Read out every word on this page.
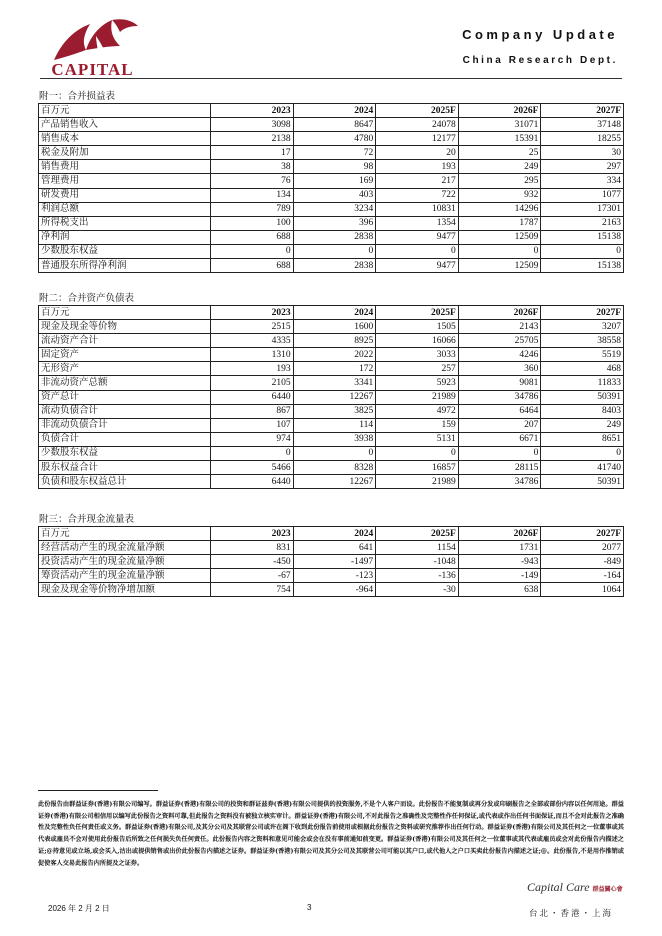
CAPITAL
Company Update
China Research Dept.
附一：合并损益表
百万元	2023	2024	2025F	2026F	2027F
产品销售收入	3098	8647	24078	31071	37148
销售成本	2138	4780	12177	15391	18255
税金及附加	17	72	20	25	30
销售费用	38	98	193	249	297
管理费用	76	169	217	295	334
研发费用	134	403	722	932	1077
利润总额	789	3234	10831	14296	17301
所得税支出	100	396	1354	1787	2163
净利润	688	2838	9477	12509	15138
少数股东权益	0	0	0	0	0
普通股东所得净利润	688	2838	9477	12509	15138
附二：合并资产负债表
百万元	2023	2024	2025F	2026F	2027F
现金及现金等价物	2515	1600	1505	2143	3207
流动资产合计	4335	8925	16066	25705	38558
固定资产	1310	2022	3033	4246	5519
无形资产	193	172	257	360	468
非流动资产总额	2105	3341	5923	9081	11833
资产总计	6440	12267	21989	34786	50391
流动负债合计	867	3825	4972	6464	8403
非流动负债合计	107	114	159	207	249
负债合计	974	3938	5131	6671	8651
少数股东权益	0	0	0	0	0
股东权益合计	5466	8328	16857	28115	41740
负债和股东权益总计	6440	12267	21989	34786	50391
附三：合并现金流量表
百万元	2023	2024	2025F	2026F	2027F
经营活动产生的现金流量净额	831	641	1154	1731	2077
投资活动产生的现金流量净额	-450	-1497	-1048	-943	-849
筹资活动产生的现金流量净额	-67	-123	-136	-149	-164
现金及现金等价物净增加额	754	-964	-30	638	1064
此份报告由群益证券(香港)有限公司编写。群益证券(香港)有限公司的投资和群证兹券(香港)有限公司提供的投资服务,不是个人客户而设。此份报告不能复制或再分发或印刷报告之全部或部份内容以任何用途。群益证券(香港)有限公司相信用以编写此份报告之资料可靠,但此报告之资料没有被独立核实审计。群益证券(香港)有限公司,不对此报告之准确性及完整性作任何保证,或代表或作出任何书面保证,而且不会对此报告之准确性及完整性负任何责任或义务。群益证券(香港)有限公司,及其分公司及其联营公司或许在阁下收到此份报告前使用或根据此份报告之资料或研究推荐作出任何行动。群益证券(香港)有限公司及其任何之一位董事或其代表或雇员不会对使用此份报告后所致之任何损失负任何责任。此份报告内容之资料和意见可能会或会在没有事前通知前变更。群益证券(香港)有限公司及其任何之一位董事或其代表或雇员或会对此份报告内描述之证;@持意见或立场,或会买入,沽出或提供销售或出价此份报告内描述之证券。群益证券(香港)有限公司及其分公司及其联营公司可能以其户口,或代他人之户口买卖此份报告内描述之证;@。此份报告,不是用作推销或促使客人交易此报告内所提及之证券。
Capital Care 群益關心會
台北・香港・上海
2026 年 2 月 2 日	3
